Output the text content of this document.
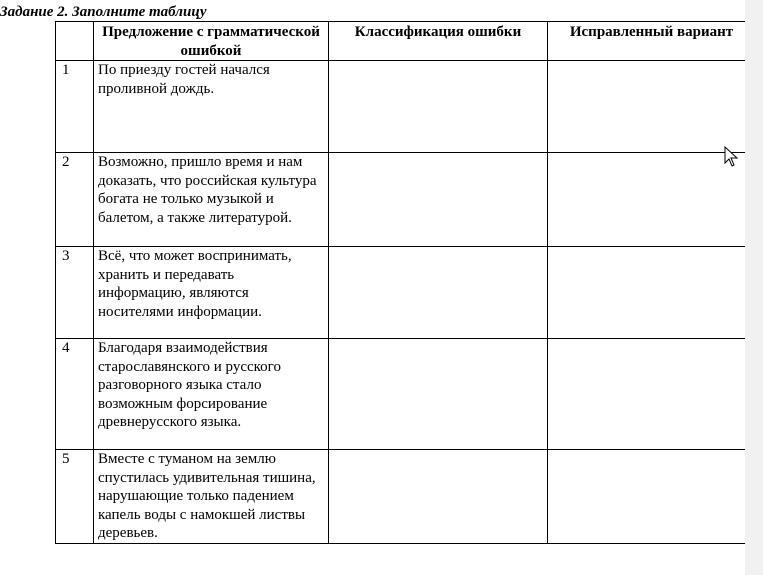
Задание 2. Заполните таблицу
	Предложение с грамматической ошибкой	Классификация ошибки	Исправленный вариант
1	По приезду гостей начался проливной дождь.		
2	Возможно, пришло время и нам доказать, что российская культура богата не только музыкой и балетом, а также литературой.		
3	Всё, что может воспринимать, хранить и передавать информацию, являются носителями информации.		
4	Благодаря взаимодействия старославянского и русского разговорного языка стало возможным форсирование древнерусского языка.		
5	Вместе с туманом на землю спустилась удивительная тишина, нарушающие только падением капель воды с намокшей листвы деревьев.		
